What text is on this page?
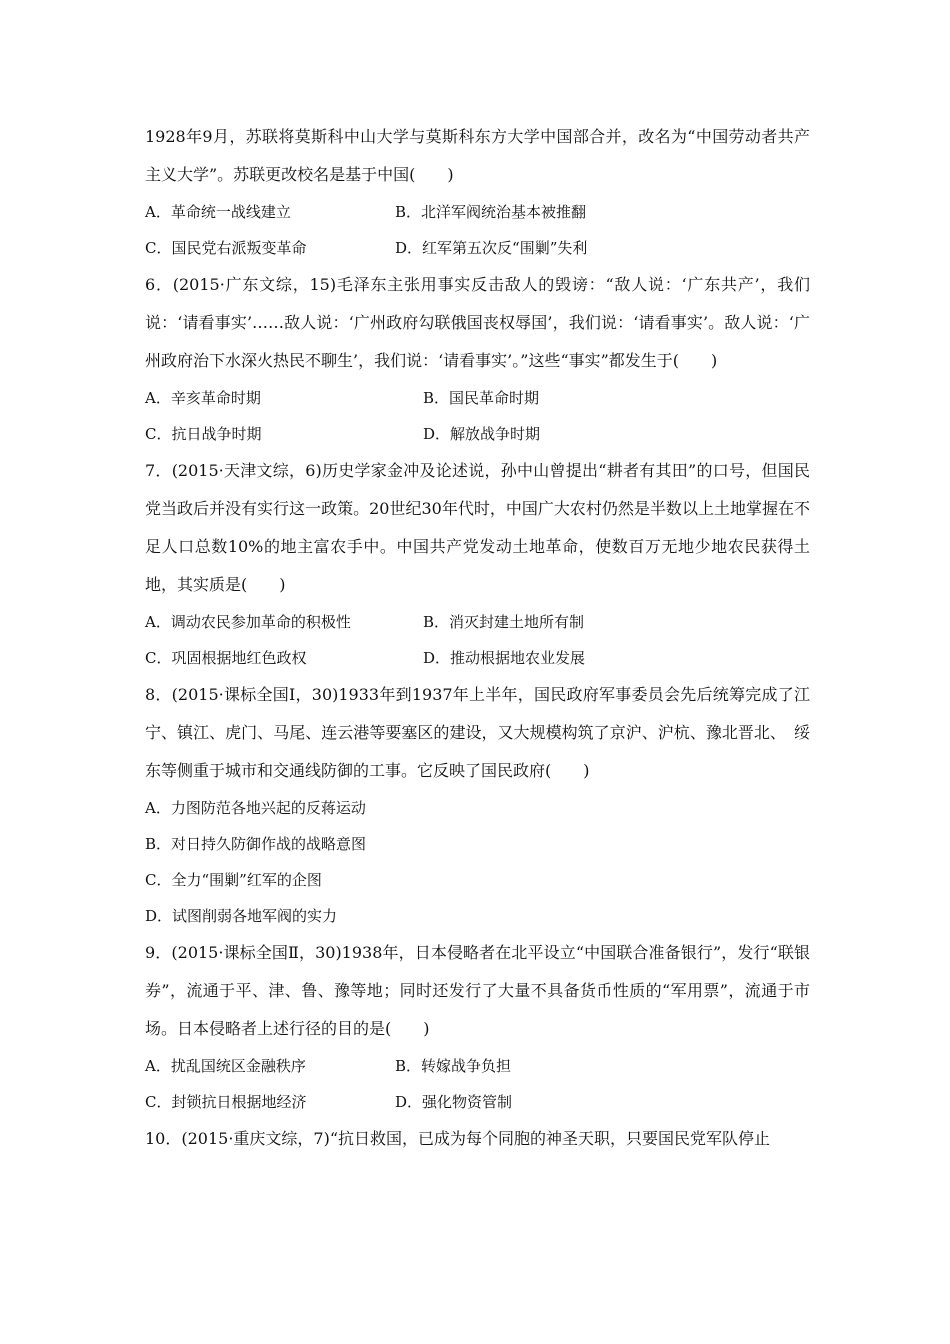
1928年9月，苏联将莫斯科中山大学与莫斯科东方大学中国部合并，改名为“中国劳动者共产主义大学”。苏联更改校名是基于中国(　　)

A．革命统一战线建立	B．北洋军阀统治基本被推翻
C．国民党右派叛变革命	D．红军第五次反“围剿”失利

6．(2015·广东文综，15)毛泽东主张用事实反击敌人的毁谤：“敌人说：‘广东共产’，我们说：‘请看事实’……敌人说：‘广州政府勾联俄国丧权辱国’，我们说：‘请看事实’。敌人说：‘广州政府治下水深火热民不聊生’，我们说：‘请看事实’。”这些“事实”都发生于(　　)

A．辛亥革命时期	B．国民革命时期
C．抗日战争时期	D．解放战争时期

7．(2015·天津文综，6)历史学家金冲及论述说，孙中山曾提出“耕者有其田”的口号，但国民党当政后并没有实行这一政策。20世纪30年代时，中国广大农村仍然是半数以上土地掌握在不足人口总数10%的地主富农手中。中国共产党发动土地革命，使数百万无地少地农民获得土地，其实质是(　　)

A．调动农民参加革命的积极性	B．消灭封建土地所有制
C．巩固根据地红色政权	D．推动根据地农业发展

8．(2015·课标全国Ⅰ，30)1933年到1937年上半年，国民政府军事委员会先后统筹完成了江宁、镇江、虎门、马尾、连云港等要塞区的建设，又大规模构筑了京沪、沪杭、豫北晋北、　绥东等侧重于城市和交通线防御的工事。它反映了国民政府(　　)

A．力图防范各地兴起的反蒋运动
B．对日持久防御作战的战略意图
C．全力“围剿”红军的企图
D．试图削弱各地军阀的实力

9．(2015·课标全国Ⅱ，30)1938年，日本侵略者在北平设立“中国联合准备银行”，发行“联银券”，流通于平、津、鲁、豫等地；同时还发行了大量不具备货币性质的“军用票”，流通于市场。日本侵略者上述行径的目的是(　　)

A．扰乱国统区金融秩序	B．转嫁战争负担
C．封锁抗日根据地经济	D．强化物资管制

10．(2015·重庆文综，7)“抗日救国，已成为每个同胞的神圣天职，只要国民党军队停止
